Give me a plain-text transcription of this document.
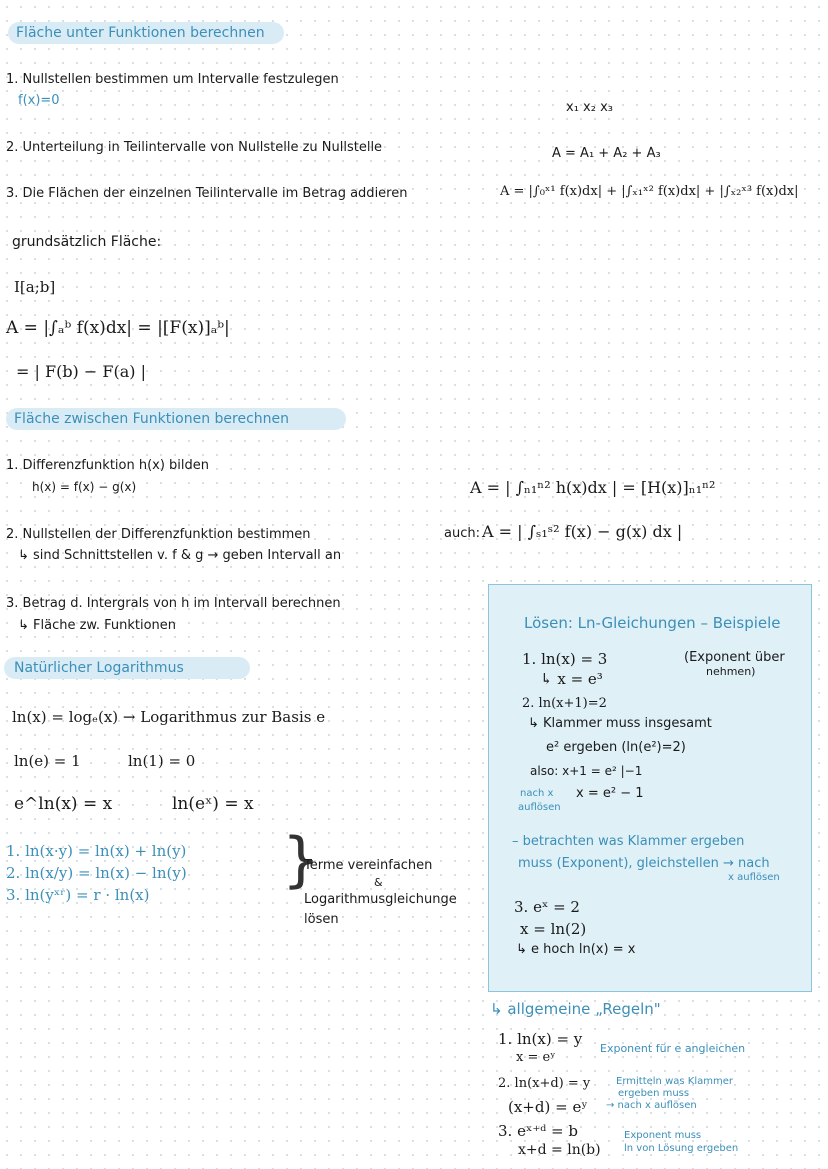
Fläche unter Funktionen berechnen
1. Nullstellen bestimmen um Intervalle festzulegen
f(x)=0	x₁ x₂ x₃
2. Unterteilung in Teilintervalle von Nullstelle zu Nullstelle	A = A₁ + A₂ + A₃
3. Die Flächen der einzelnen Teilintervalle im Betrag addieren	A = |∫₀ˣ¹ f(x)dx| + |∫ₓ₁ˣ² f(x)dx| + |∫ₓ₂ˣ³ f(x)dx|
grundsätzlich Fläche:
I[a;b]
A = |∫ₐᵇ f(x)dx| = |[F(x)]ₐᵇ|
= | F(b) − F(a) |
Fläche zwischen Funktionen berechnen
1. Differenzfunktion h(x) bilden
h(x) = f(x) − g(x)	A = | ∫ₙ₁ⁿ² h(x)dx | = [H(x)]ₙ₁ⁿ²
2. Nullstellen der Differenzfunktion bestimmen
↳ sind Schnittstellen v. f & g → geben Intervall an
auch: A = | ∫ₛ₁ˢ² f(x) − g(x) dx |
3. Betrag d. Intergrals von h im Intervall berechnen
↳ Fläche zw. Funktionen
Natürlicher Logarithmus
ln(x) = logₑ(x) → Logarithmus zur Basis e
ln(e) = 1	ln(1) = 0
e^ln(x) = x	ln(eˣ) = x
1. ln(x·y) = ln(x) + ln(y)
2. ln(x/y) = ln(x) − ln(y)
3. ln(yˣʳ) = r · ln(x) }
Terme vereinfachen
&
Logarithmusgleichunge
lösen
Lösen: Ln-Gleichungen – Beispiele
1. ln(x) = 3	(Exponent über
nehmen)
↳ x = e³
2. ln(x+1)=2
↳ Klammer muss insgesamt
e² ergeben (ln(e²)=2)
also: x+1 = e² |−1
nach x
auflösen
x = e² − 1
– betrachten was Klammer ergeben
muss (Exponent), gleichstellen → nach
x auflösen
3. eˣ = 2
x = ln(2)
↳ e hoch ln(x) = x
↳ allgemeine „Regeln"
1. ln(x) = y
x = eʸ
Exponent für e angleichen
2. ln(x+d) = y
(x+d) = eʸ
Ermitteln was Klammer
ergeben muss
→ nach x auflösen
3. eˣ⁺ᵈ = b
x+d = ln(b)
Exponent muss
ln von Lösung ergeben
